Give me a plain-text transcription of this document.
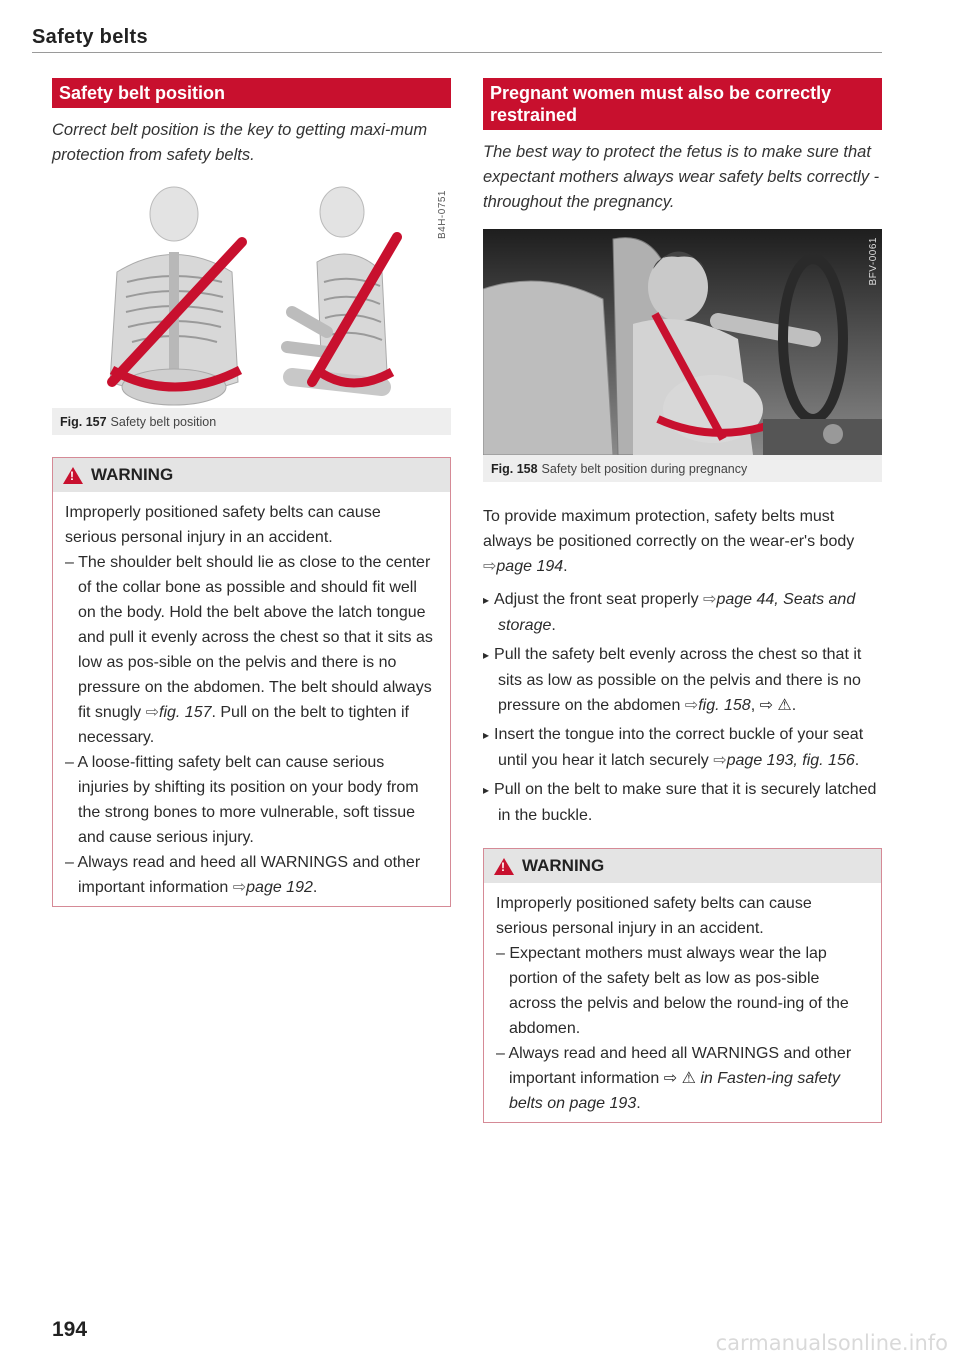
Safety belts
Safety belt position
Correct belt position is the key to getting maxi-mum protection from safety belts.
B4H-0751
Fig. 157 Safety belt position
!
WARNING

Improperly positioned safety belts can cause serious personal injury in an accident.

– The shoulder belt should lie as close to the center of the collar bone as possible and should fit well on the body. Hold the belt above the latch tongue and pull it evenly across the chest so that it sits as low as pos-sible on the pelvis and there is no pressure on the abdomen. The belt should always fit snugly ⇨fig. 157. Pull on the belt to tighten if necessary.

– A loose-fitting safety belt can cause serious injuries by shifting its position on your body from the strong bones to more vulnerable, soft tissue and cause serious injury.

– Always read and heed all WARNINGS and other important information ⇨page 192.

Pregnant women must also be correctly restrained
The best way to protect the fetus is to make sure that expectant mothers always wear safety belts correctly - throughout the pregnancy.
BFV-0061
Fig. 158 Safety belt position during pregnancy
To provide maximum protection, safety belts must always be positioned correctly on the wear-er's body ⇨page 194.
▸ Adjust the front seat properly ⇨page 44, Seats and storage.
▸ Pull the safety belt evenly across the chest so that it sits as low as possible on the pelvis and there is no pressure on the abdomen ⇨fig. 158, ⇨ ⚠.
▸ Insert the tongue into the correct buckle of your seat until you hear it latch securely ⇨page 193, fig. 156.
▸ Pull on the belt to make sure that it is securely latched in the buckle.
!
WARNING

Improperly positioned safety belts can cause serious personal injury in an accident.

– Expectant mothers must always wear the lap portion of the safety belt as low as pos-sible across the pelvis and below the round-ing of the abdomen.

– Always read and heed all WARNINGS and other important information ⇨ ⚠ in Fasten-ing safety belts on page 193.

194
carmanualsonline.info
